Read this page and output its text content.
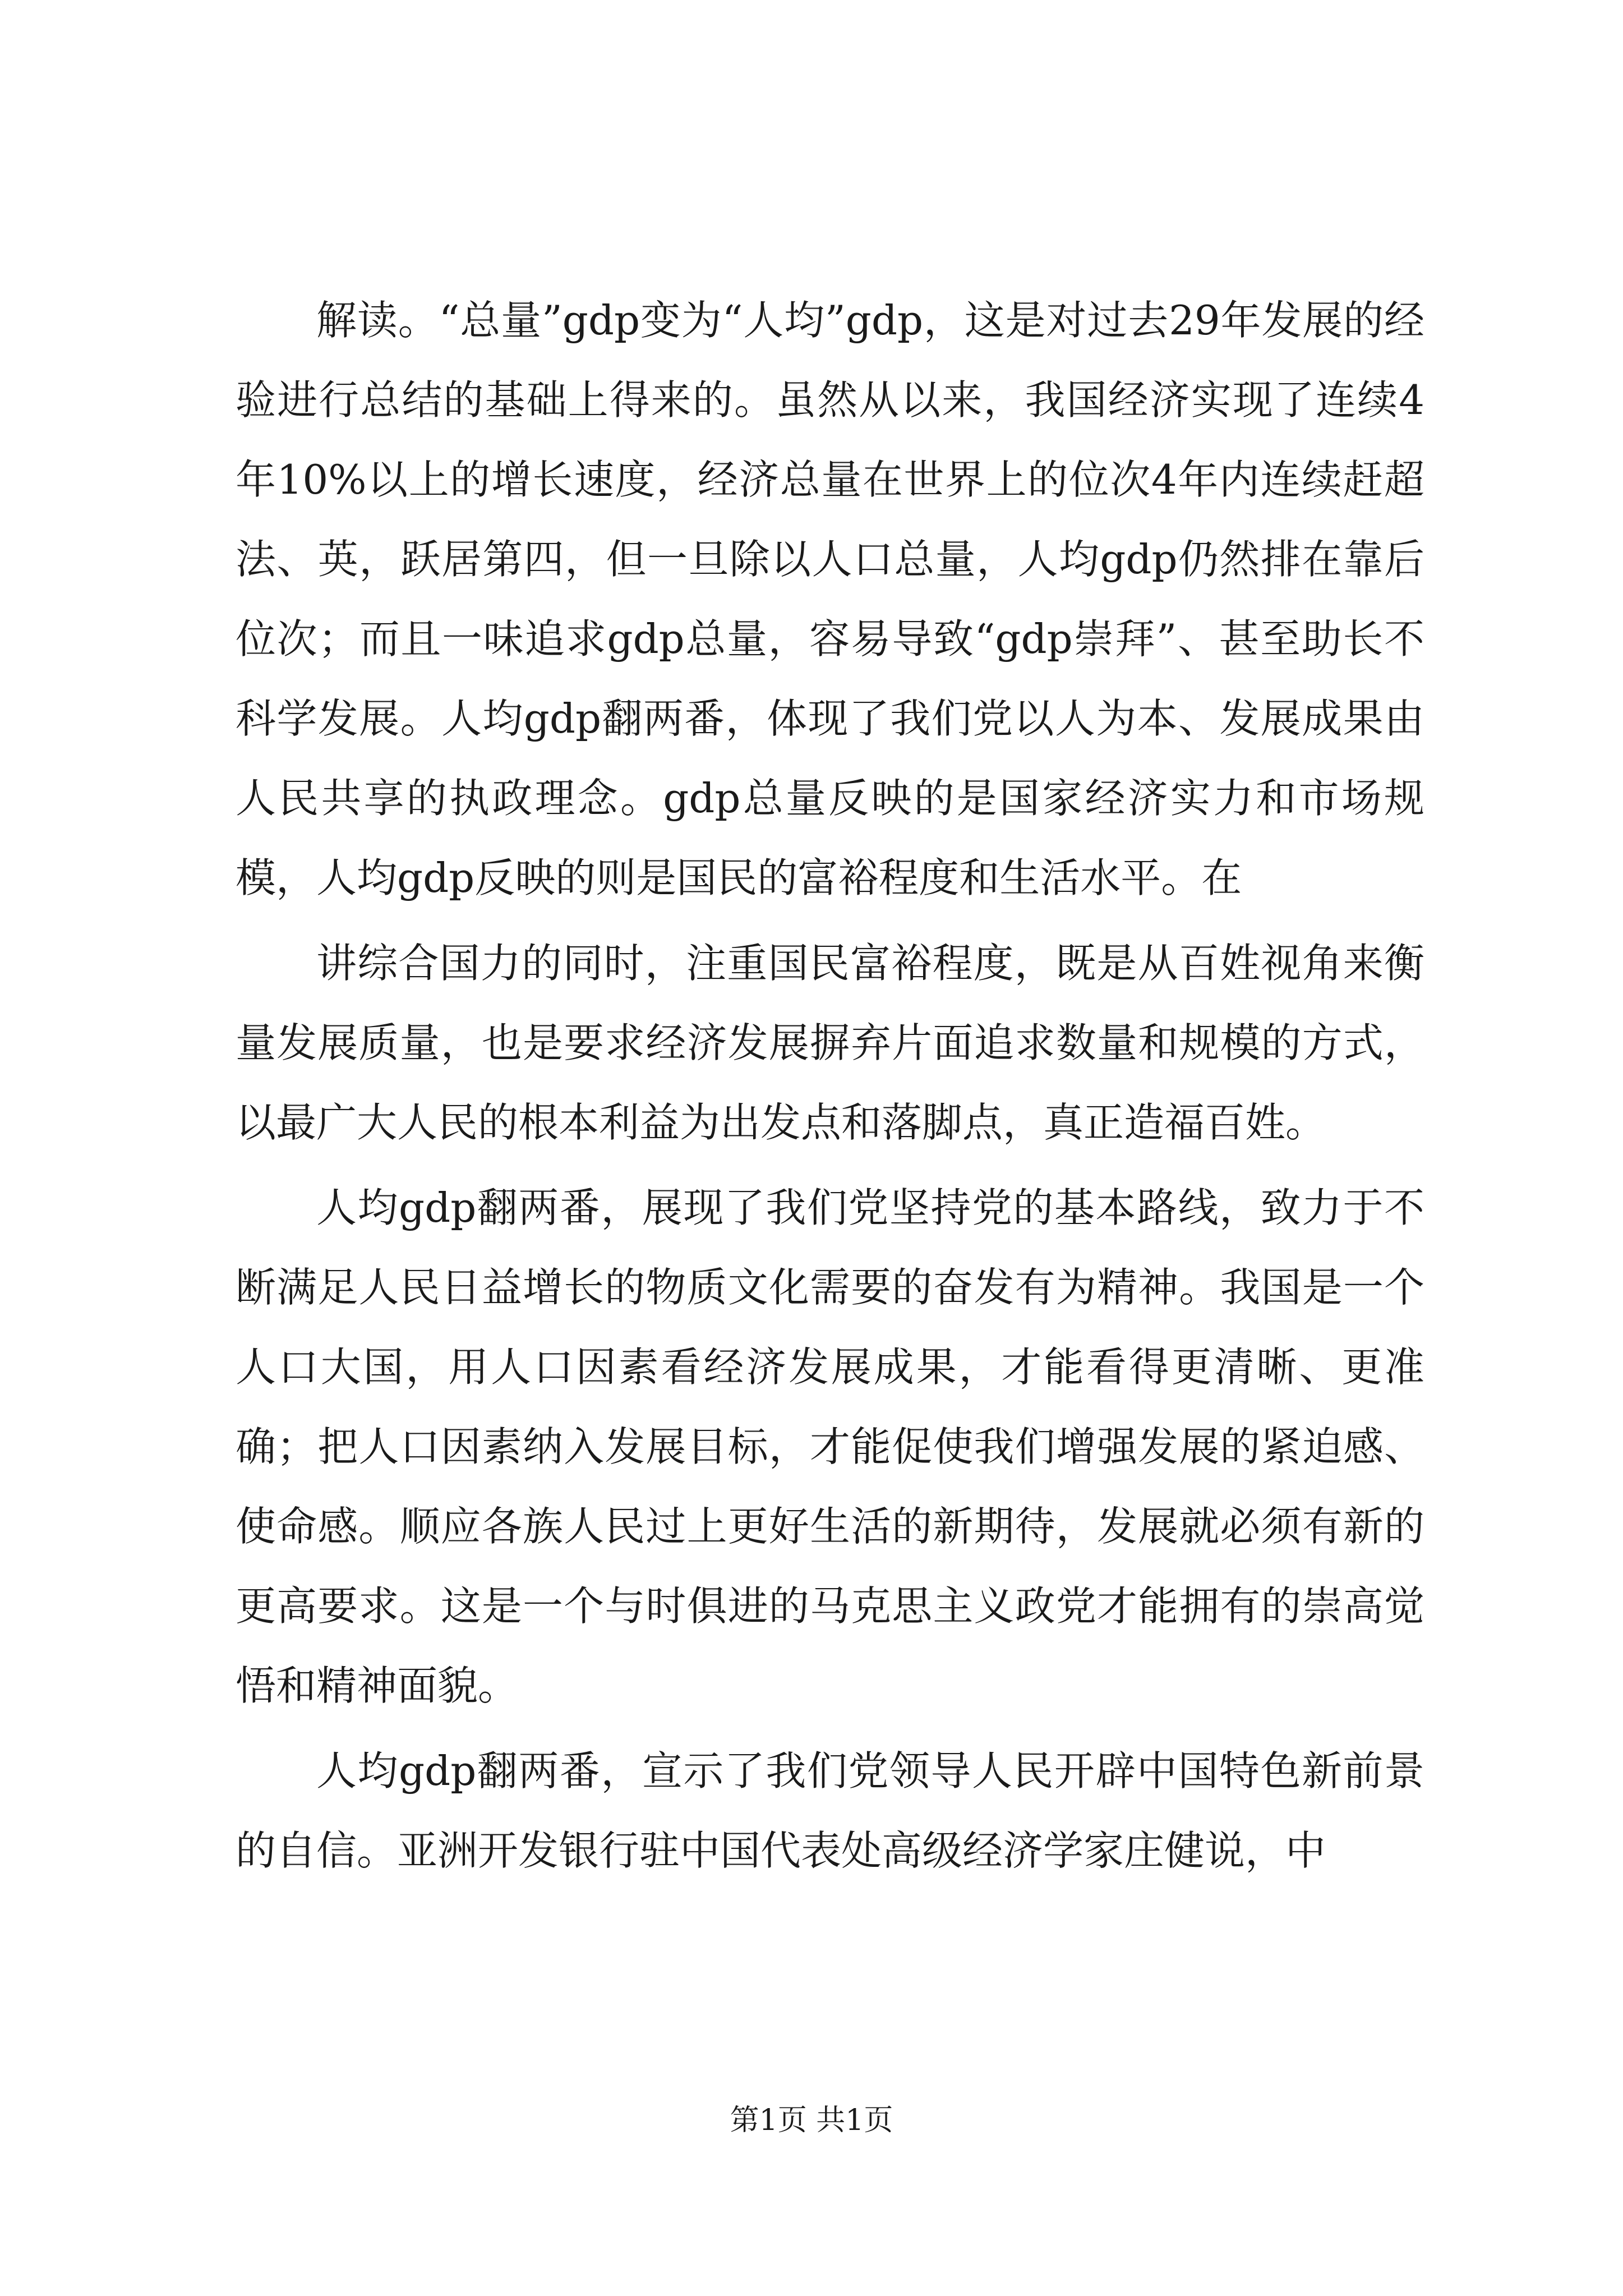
解读。“总量”gdp变为“人均”gdp，这是对过去29年发展的经验进行总结的基础上得来的。虽然从以来，我国经济实现了连续4年10%以上的增长速度，经济总量在世界上的位次4年内连续赶超法、英，跃居第四，但一旦除以人口总量，人均gdp仍然排在靠后位次；而且一味追求gdp总量，容易导致“gdp崇拜”、甚至助长不科学发展。人均gdp翻两番，体现了我们党以人为本、发展成果由人民共享的执政理念。gdp总量反映的是国家经济实力和市场规模，人均gdp反映的则是国民的富裕程度和生活水平。在

讲综合国力的同时，注重国民富裕程度，既是从百姓视角来衡量发展质量，也是要求经济发展摒弃片面追求数量和规模的方式，以最广大人民的根本利益为出发点和落脚点，真正造福百姓。

人均gdp翻两番，展现了我们党坚持党的基本路线，致力于不断满足人民日益增长的物质文化需要的奋发有为精神。我国是一个人口大国，用人口因素看经济发展成果，才能看得更清晰、更准确；把人口因素纳入发展目标，才能促使我们增强发展的紧迫感、使命感。顺应各族人民过上更好生活的新期待，发展就必须有新的更高要求。这是一个与时俱进的马克思主义政党才能拥有的崇高觉悟和精神面貌。

人均gdp翻两番，宣示了我们党领导人民开辟中国特色新前景的自信。亚洲开发银行驻中国代表处高级经济学家庄健说，中

第1页 共1页
